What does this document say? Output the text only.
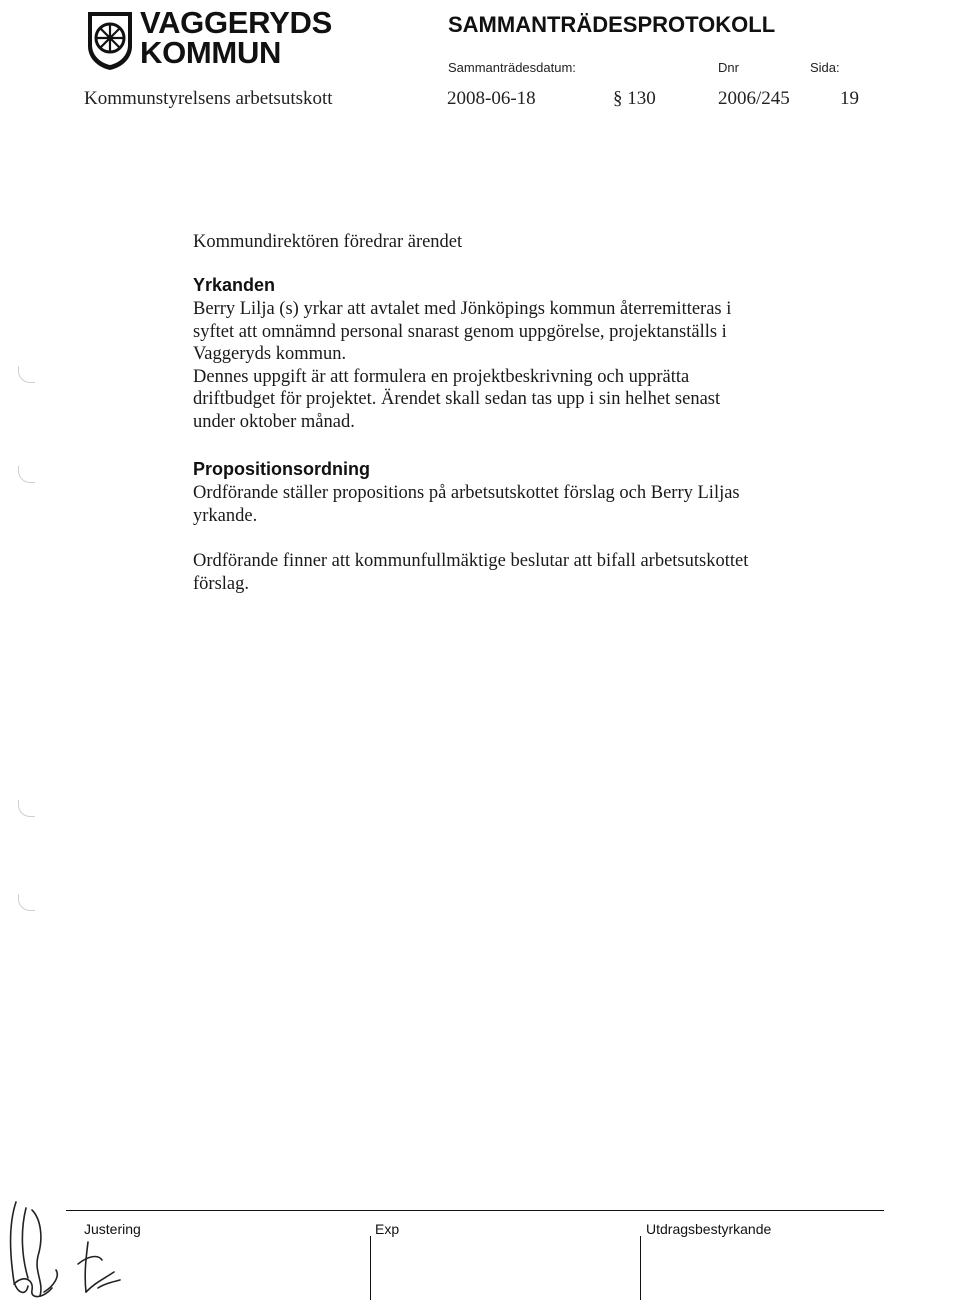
VAGGERYDS
KOMMUN
SAMMANTRÄDESPROTOKOLL
Sammanträdesdatum:	Dnr	Sida:
Kommunstyrelsens arbetsutskott	2008-06-18	§ 130	2006/245	19
Kommundirektören föredrar ärendet
Yrkanden
Berry Lilja (s) yrkar att avtalet med Jönköpings kommun återremitteras i
syftet att omnämnd personal snarast genom uppgörelse, projektanställs i
Vaggeryds kommun.
Dennes uppgift är att formulera en projektbeskrivning och upprätta
driftbudget för projektet. Ärendet skall sedan tas upp i sin helhet senast
under oktober månad.
Propositionsordning
Ordförande ställer propositions på arbetsutskottet förslag och Berry Liljas
yrkande.
Ordförande finner att kommunfullmäktige beslutar att bifall arbetsutskottet
förslag.
Justering	Exp	Utdragsbestyrkande
